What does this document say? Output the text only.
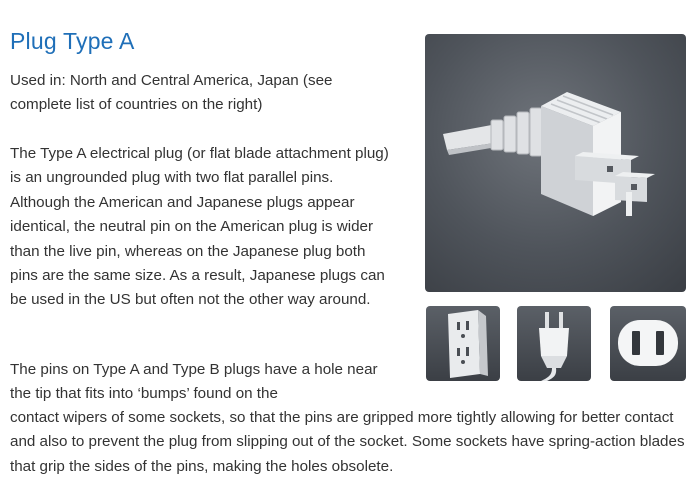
Plug Type A

Used in: North and Central America, Japan (see complete list of countries on the right)

The Type A electrical plug (or flat blade attachment plug) is an ungrounded plug with two flat parallel pins. Although the American and Japanese plugs appear identical, the neutral pin on the American plug is wider than the live pin, whereas on the Japanese plug both pins are the same size. As a result, Japanese plugs can be used in the US but often not the other way around.

The pins on Type A and Type B plugs have a hole near the tip that fits into ‘bumps’ found on the

contact wipers of some sockets, so that the pins are gripped more tightly allowing for better contact and also to prevent the plug from slipping out of the socket. Some sockets have spring-action blades that grip the sides of the pins, making the holes obsolete.
